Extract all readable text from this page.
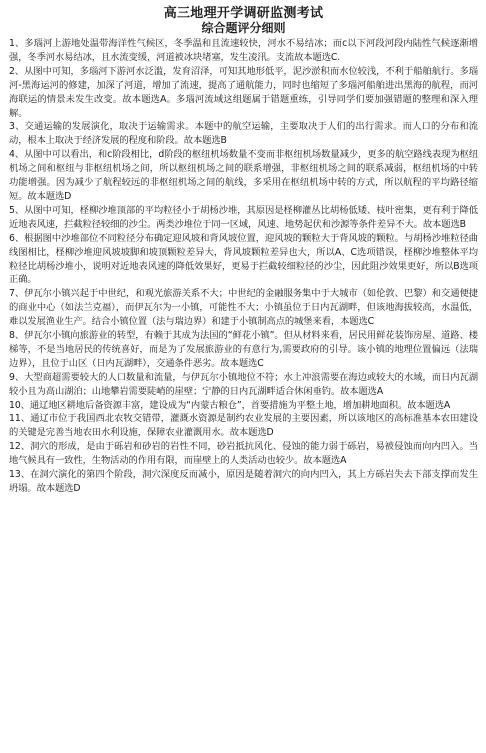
高三地理开学调研监测考试
综合题评分细则

1、多瑙河上游地处温带海洋性气候区，冬季温和且流速较快，河水不易结冰；而c以下河段河段内陆性气候逐渐增强，冬季河水易结冰，且水流变缓，河道被冰块堵塞，发生凌汛。支流故本题选C.

2、从图中可知，多瑙河下游河水泛滥，发育沼泽，可知其地形低平，泥沙淤积而水位较浅，不利于船舶航行。多瑙河-黑海运河的修建，加深了河道，增加了流速，提高了通航能力，同时也缩短了多瑙河船舶进出黑海的航程，而河海联运的情景未发生改变。故本题选A。多瑙河流域这组题属于错题重练，引导同学们要加强错题的整理和深入理解。

3、交通运输的发展演化，取决于运输需求。本题中的航空运输，主要取决于人们的出行需求。而人口的分布和流动，根本上取决于经济发展的程度和阶段。故本题选B

4、从图中可以看出，和c阶段相比，d阶段的枢纽机场数量不变而非枢纽机场数量减少，更多的航空路线表现为枢纽机场之间和枢纽与非枢纽机场之间，所以枢纽机场之间的联系增强，非枢纽机场之间的联系减弱，枢纽机场的中转功能增强。因为减少了航程较远的非枢纽机场之间的航线，多采用在枢纽机场中转的方式，所以航程的平均路径缩短。故本题选D

5、从图中可知，柽柳沙堆顶部的平均粒径小于胡杨沙堆，其原因是柽柳灌丛比胡杨低矮、枝叶密集，更有利于降低近地表风速，拦截粒径较细的沙尘。两类沙堆位于同一区域，风速、地势起伏和沙源等条件差异不大。故本题选B

6、根据图中沙堆部位不同粒径分布确定迎风坡和背风坡位置，迎风坡的颗粒大于背风坡的颗粒。与胡杨沙堆粒径曲线图相比，柽柳沙堆迎风坡坡脚和坡顶颗粒差异大，背风坡颗粒差异也大，所以A、C选项错误，柽柳沙堆整体平均粒径比胡杨沙堆小，说明对近地表风速的降低效果好，更易于拦截较细粒径的沙尘，因此阻沙效果更好，所以B选项正确。

7、伊瓦尔小镇兴起于中世纪，和观光旅游关系不大；中世纪的金融服务集中于大城市（如伦敦、巴黎）和交通便捷的商业中心（如法兰克福），而伊瓦尔为一小镇，可能性不大；小镇虽位于日内瓦湖畔，但该地海拔较高，水温低，难以发展渔业生产。结合小镇位置（法与瑞边界）和建于小镇制高点的城堡来看，本题选C

8、伊瓦尔小镇向旅游业的转型，有赖于其成为法国的“鲜花小镇”。但从材料来看，居民用鲜花装饰房屋、道路、楼梯等，不是当地居民的传统喜好，而是为了发展旅游业的有意行为,需要政府的引导。该小镇的地理位置偏远（法瑞边界），且位于山区（日内瓦湖畔），交通条件恶劣。故本题选C

9、大型商超需要较大的人口数量和流量，与伊瓦尔小镇地位不符；水上冲浪需要在海边或较大的水域，而日内瓦湖较小且为高山湖泊；山地攀岩需要陡峭的崖壁；宁静的日内瓦湖畔适合休闲垂钓。故本题选A

10、通辽地区耕地后备资源丰富，建设成为“内蒙古粮仓”，首要措施为平整土地，增加耕地面积。故本题选A

11、通辽市位于我国西北农牧交错带，灌溉水资源是制约农业发展的主要因素，所以该地区的高标准基本农田建设的关键是完善当地农田水利设施，保障农业灌溉用水。故本题选D

12、洞穴的形成，是由于砾岩和砂岩的岩性不同，砂岩抵抗风化、侵蚀的能力弱于砾岩，易被侵蚀而向内凹入。当地气候具有一致性，生物活动的作用有限，而崖壁上的人类活动也较少。故本题选A

13、在洞穴演化的第四个阶段，洞穴深度反而减小，原因是随着洞穴的向内凹入，其上方砾岩失去下部支撑而发生坍塌。故本题选D
